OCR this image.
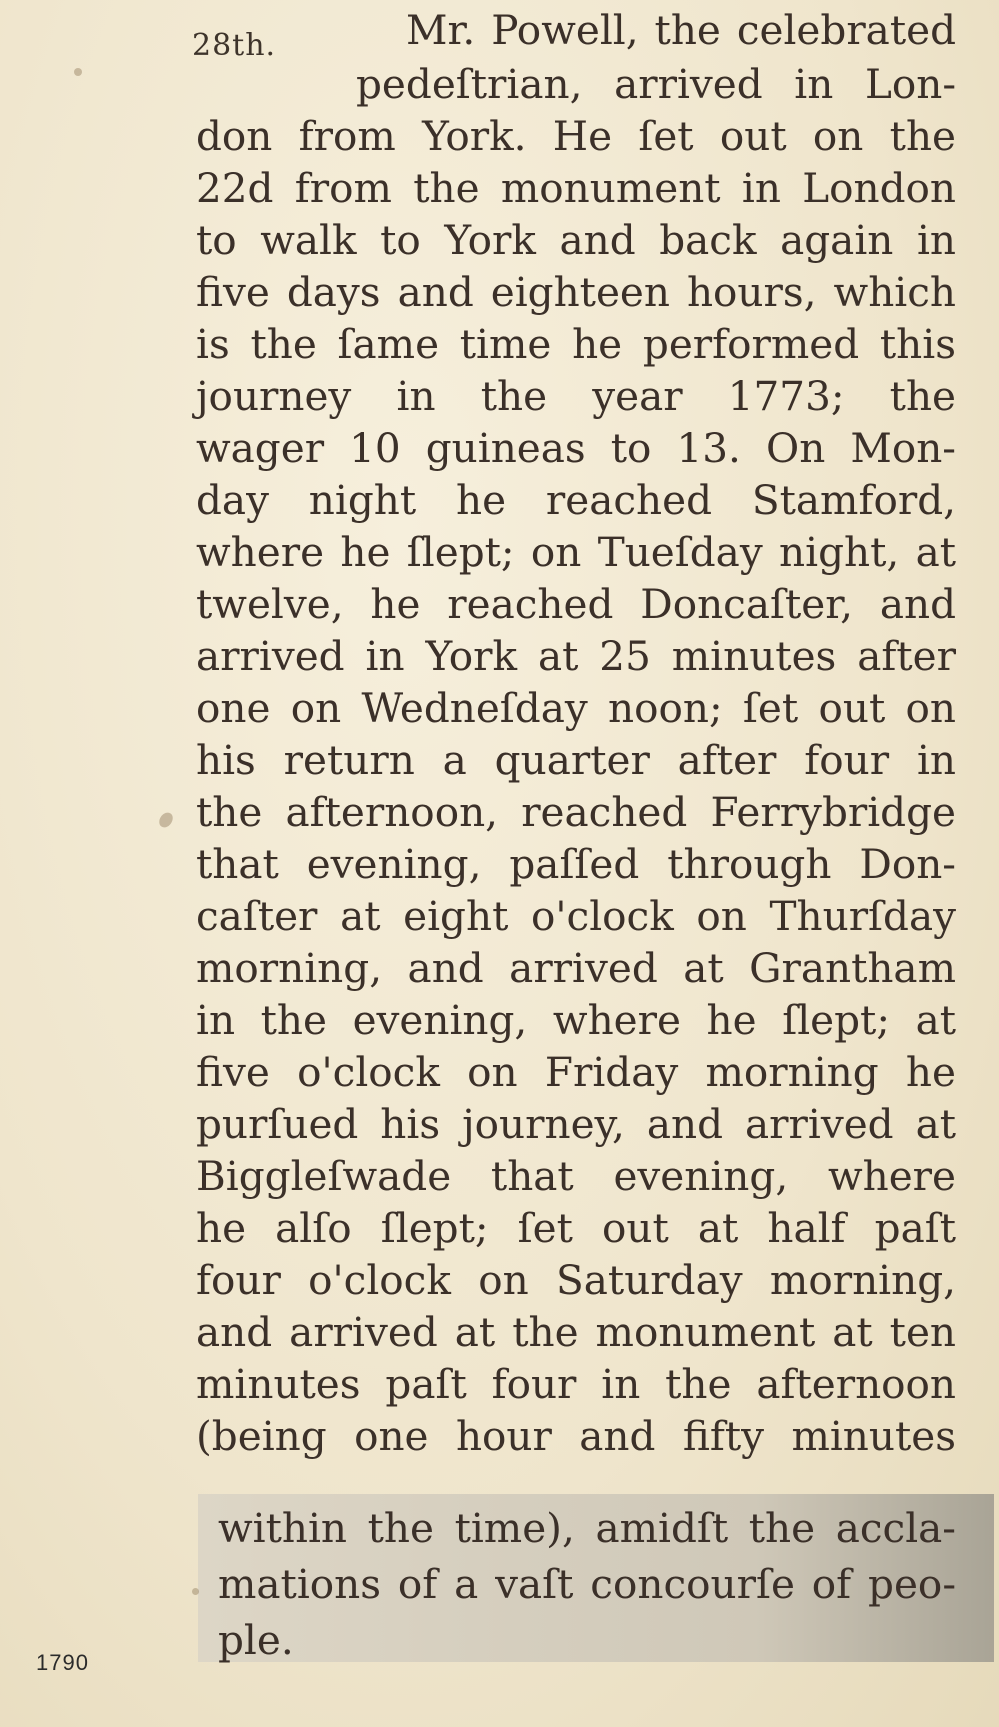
28th.	Mr. Powell, the celebrated
pedeſtrian, arrived in Lon-
don from York. He ſet out on the
22d from the monument in London
to walk to York and back again in
five days and eighteen hours, which
is the ſame time he performed this
journey in the year 1773; the
wager 10 guineas to 13. On Mon-
day night he reached Stamford,
where he ſlept; on Tueſday night, at
twelve, he reached Doncaſter, and
arrived in York at 25 minutes after
one on Wedneſday noon; ſet out on
his return a quarter after four in
the afternoon, reached Ferrybridge
that evening, paſſed through Don-
caſter at eight o'clock on Thurſday
morning, and arrived at Grantham
in the evening, where he ſlept; at
five o'clock on Friday morning he
purſued his journey, and arrived at
Biggleſwade that evening, where
he alſo ſlept; ſet out at half paſt
four o'clock on Saturday morning,
and arrived at the monument at ten
minutes paſt four in the afternoon
(being one hour and fifty minutes
within the time), amidſt the accla-
mations of a vaſt concourſe of peo-
ple.
1790
